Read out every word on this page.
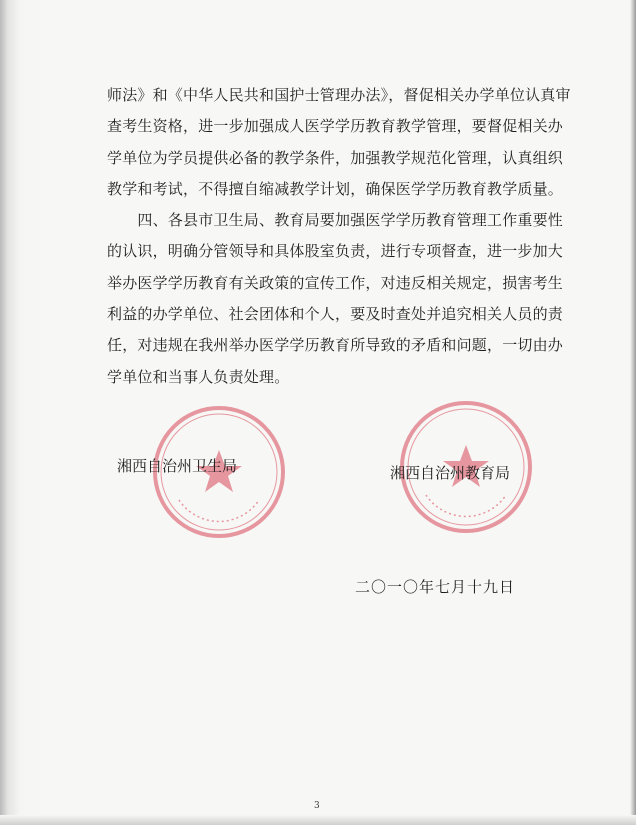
师法》和《中华人民共和国护士管理办法》，督促相关办学单位认真审
查考生资格，进一步加强成人医学学历教育教学管理，要督促相关办
学单位为学员提供必备的教学条件，加强教学规范化管理，认真组织
教学和考试，不得擅自缩减教学计划，确保医学学历教育教学质量。
　　四、各县市卫生局、教育局要加强医学学历教育管理工作重要性
的认识，明确分管领导和具体股室负责，进行专项督查，进一步加大
举办医学学历教育有关政策的宣传工作，对违反相关规定，损害考生
利益的办学单位、社会团体和个人，要及时查处并追究相关人员的责
任，对违规在我州举办医学学历教育所导致的矛盾和问题，一切由办
学单位和当事人负责处理。
湘西自治州卫生局	湘西自治州教育局
二〇一〇年七月十九日
3
